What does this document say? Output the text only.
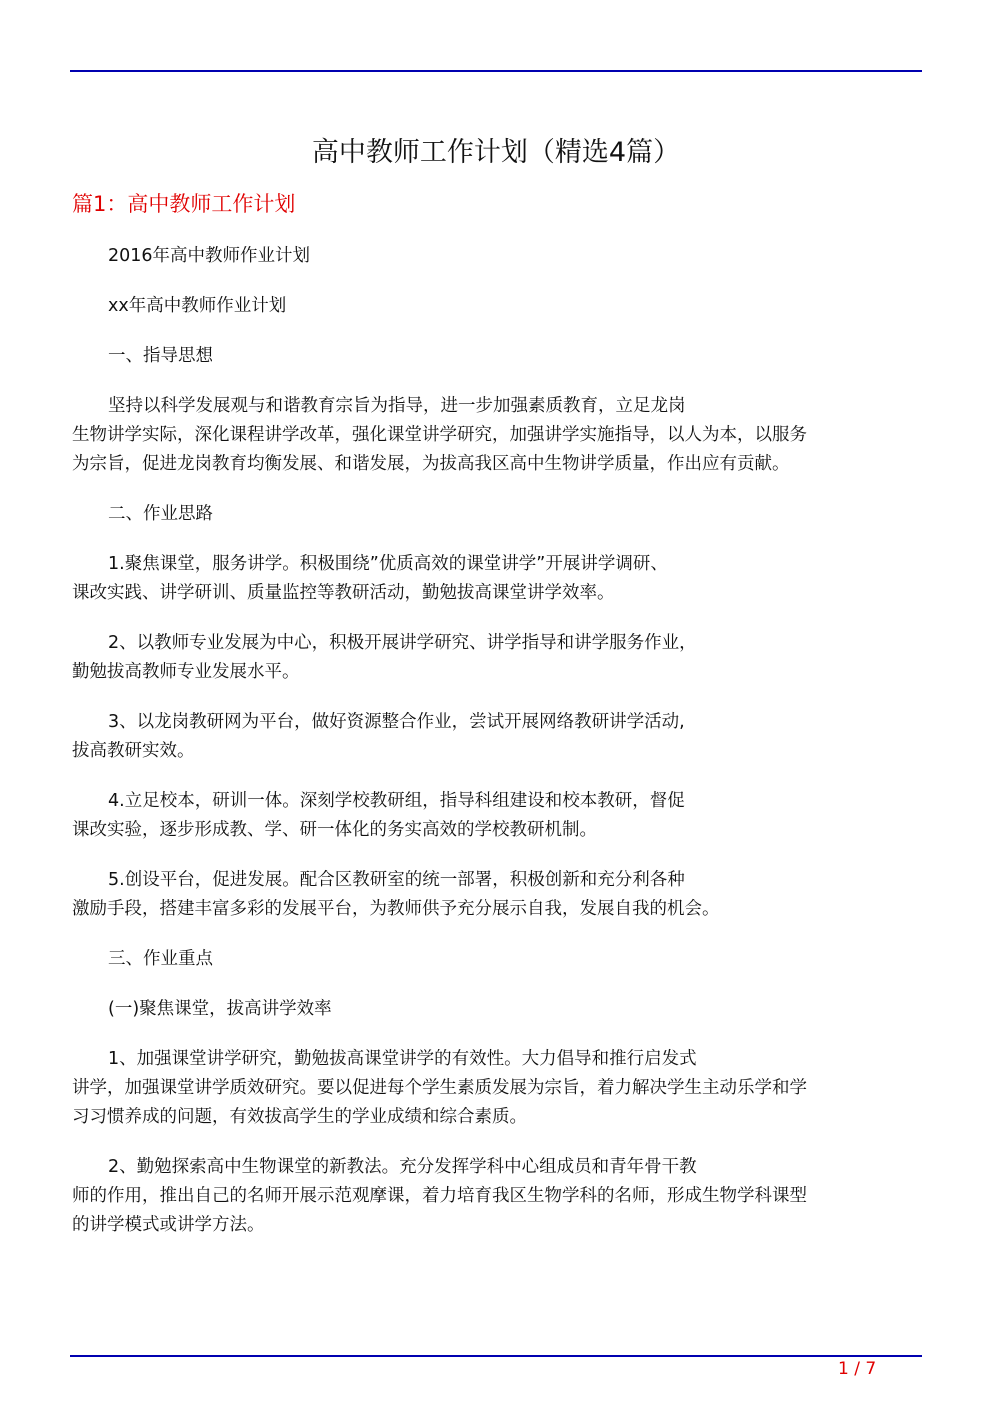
高中教师工作计划（精选4篇）
篇1：高中教师工作计划
2016年高中教师作业计划
xx年高中教师作业计划
一、指导思想
坚持以科学发展观与和谐教育宗旨为指导，进一步加强素质教育，立足龙岗
生物讲学实际，深化课程讲学改革，强化课堂讲学研究，加强讲学实施指导，以人为本，以服务
为宗旨，促进龙岗教育均衡发展、和谐发展，为拔高我区高中生物讲学质量，作出应有贡献。
二、作业思路
1.聚焦课堂，服务讲学。积极围绕”优质高效的课堂讲学”开展讲学调研、
课改实践、讲学研训、质量监控等教研活动，勤勉拔高课堂讲学效率。
2、以教师专业发展为中心，积极开展讲学研究、讲学指导和讲学服务作业，
勤勉拔高教师专业发展水平。
3、以龙岗教研网为平台，做好资源整合作业，尝试开展网络教研讲学活动,
拔高教研实效。
4.立足校本，研训一体。深刻学校教研组，指导科组建设和校本教研，督促
课改实验，逐步形成教、学、研一体化的务实高效的学校教研机制。
5.创设平台，促进发展。配合区教研室的统一部署，积极创新和充分利各种
激励手段，搭建丰富多彩的发展平台，为教师供予充分展示自我，发展自我的机会。
三、作业重点
(一)聚焦课堂，拔高讲学效率
1、加强课堂讲学研究，勤勉拔高课堂讲学的有效性。大力倡导和推行启发式
讲学，加强课堂讲学质效研究。要以促进每个学生素质发展为宗旨，着力解决学生主动乐学和学
习习惯养成的问题，有效拔高学生的学业成绩和综合素质。
2、勤勉探索高中生物课堂的新教法。充分发挥学科中心组成员和青年骨干教
师的作用，推出自己的名师开展示范观摩课，着力培育我区生物学科的名师，形成生物学科课型
的讲学模式或讲学方法。
1 / 7
